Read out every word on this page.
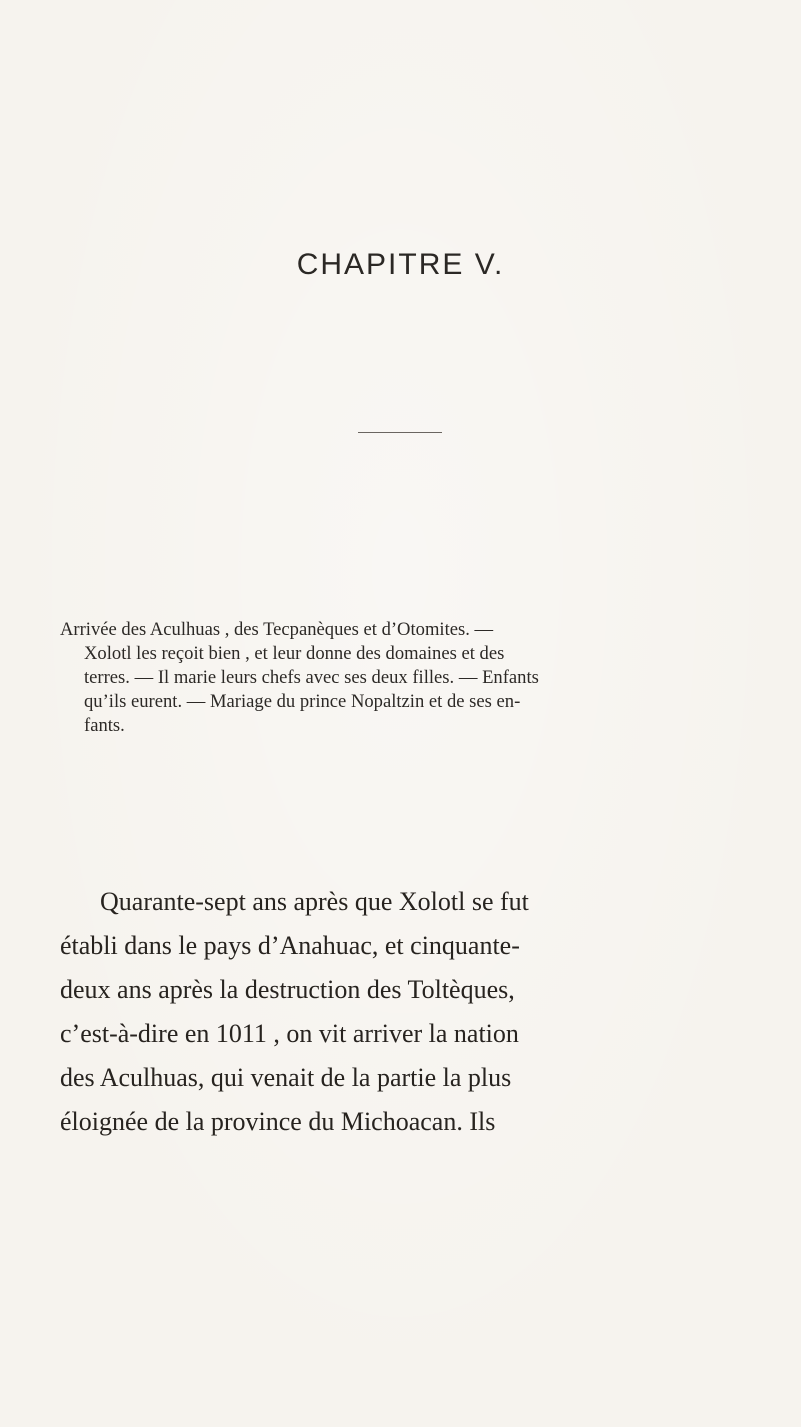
CHAPITRE V.
Arrivée des Aculhuas , des Tecpanèques et d’Otomites. —
Xolotl les reçoit bien , et leur donne des domaines et des
terres. — Il marie leurs chefs avec ses deux filles. — Enfants
qu’ils eurent. — Mariage du prince Nopaltzin et de ses en-
fants.
Quarante-sept ans après que Xolotl se fut
établi dans le pays d’Anahuac, et cinquante-
deux ans après la destruction des Toltèques,
c’est-à-dire en 1011 , on vit arriver la nation
des Aculhuas, qui venait de la partie la plus
éloignée de la province du Michoacan. Ils
